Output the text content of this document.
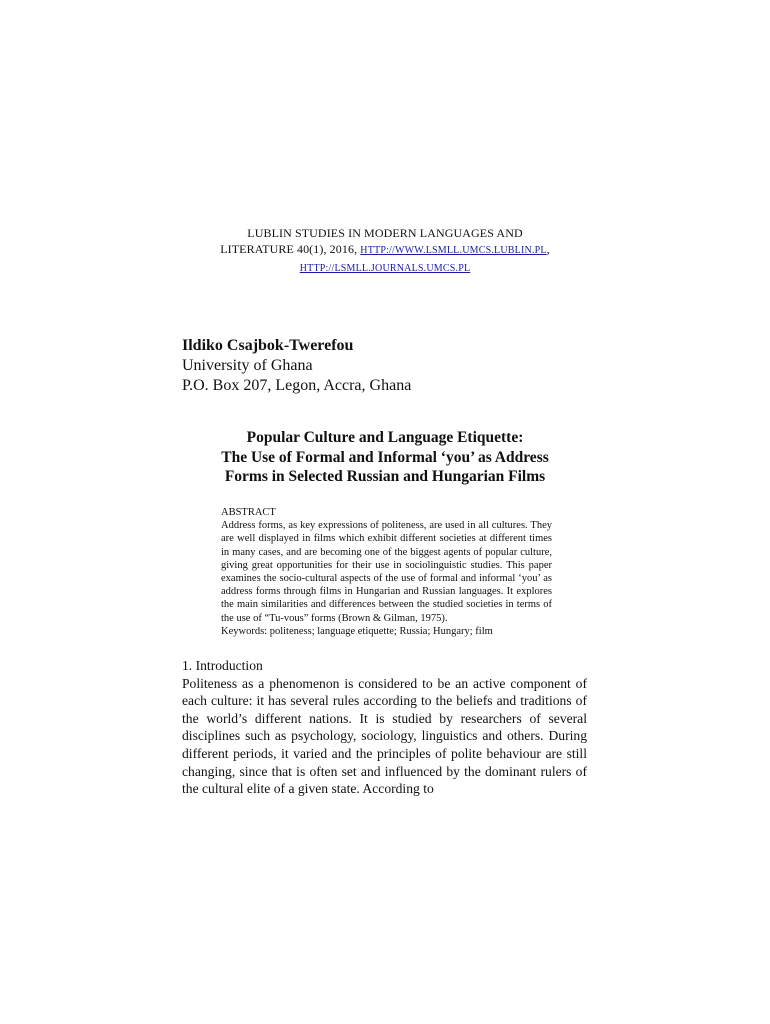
LUBLIN STUDIES IN MODERN LANGUAGES AND
LITERATURE 40(1), 2016, HTTP://WWW.LSMLL.UMCS.LUBLIN.PL,
HTTP://LSMLL.JOURNALS.UMCS.PL
Ildiko Csajbok-Twerefou
University of Ghana
P.O. Box 207, Legon, Accra, Ghana
Popular Culture and Language Etiquette:
The Use of Formal and Informal ‘you’ as Address
Forms in Selected Russian and Hungarian Films
ABSTRACT
Address forms, as key expressions of politeness, are used in all cultures. They are well displayed in films which exhibit different societies at different times in many cases, and are becoming one of the biggest agents of popular culture, giving great opportunities for their use in sociolinguistic studies. This paper examines the socio-cultural aspects of the use of formal and informal ‘you’ as address forms through films in Hungarian and Russian languages. It explores the main similarities and differences between the studied societies in terms of the use of “Tu-vous” forms (Brown & Gilman, 1975).
Keywords: politeness; language etiquette; Russia; Hungary; film
1. Introduction
Politeness as a phenomenon is considered to be an active component of each culture: it has several rules according to the beliefs and traditions of the world’s different nations. It is studied by researchers of several disciplines such as psychology, sociology, linguistics and others. During different periods, it varied and the principles of polite behaviour are still changing, since that is often set and influenced by the dominant rulers of the cultural elite of a given state. According to
